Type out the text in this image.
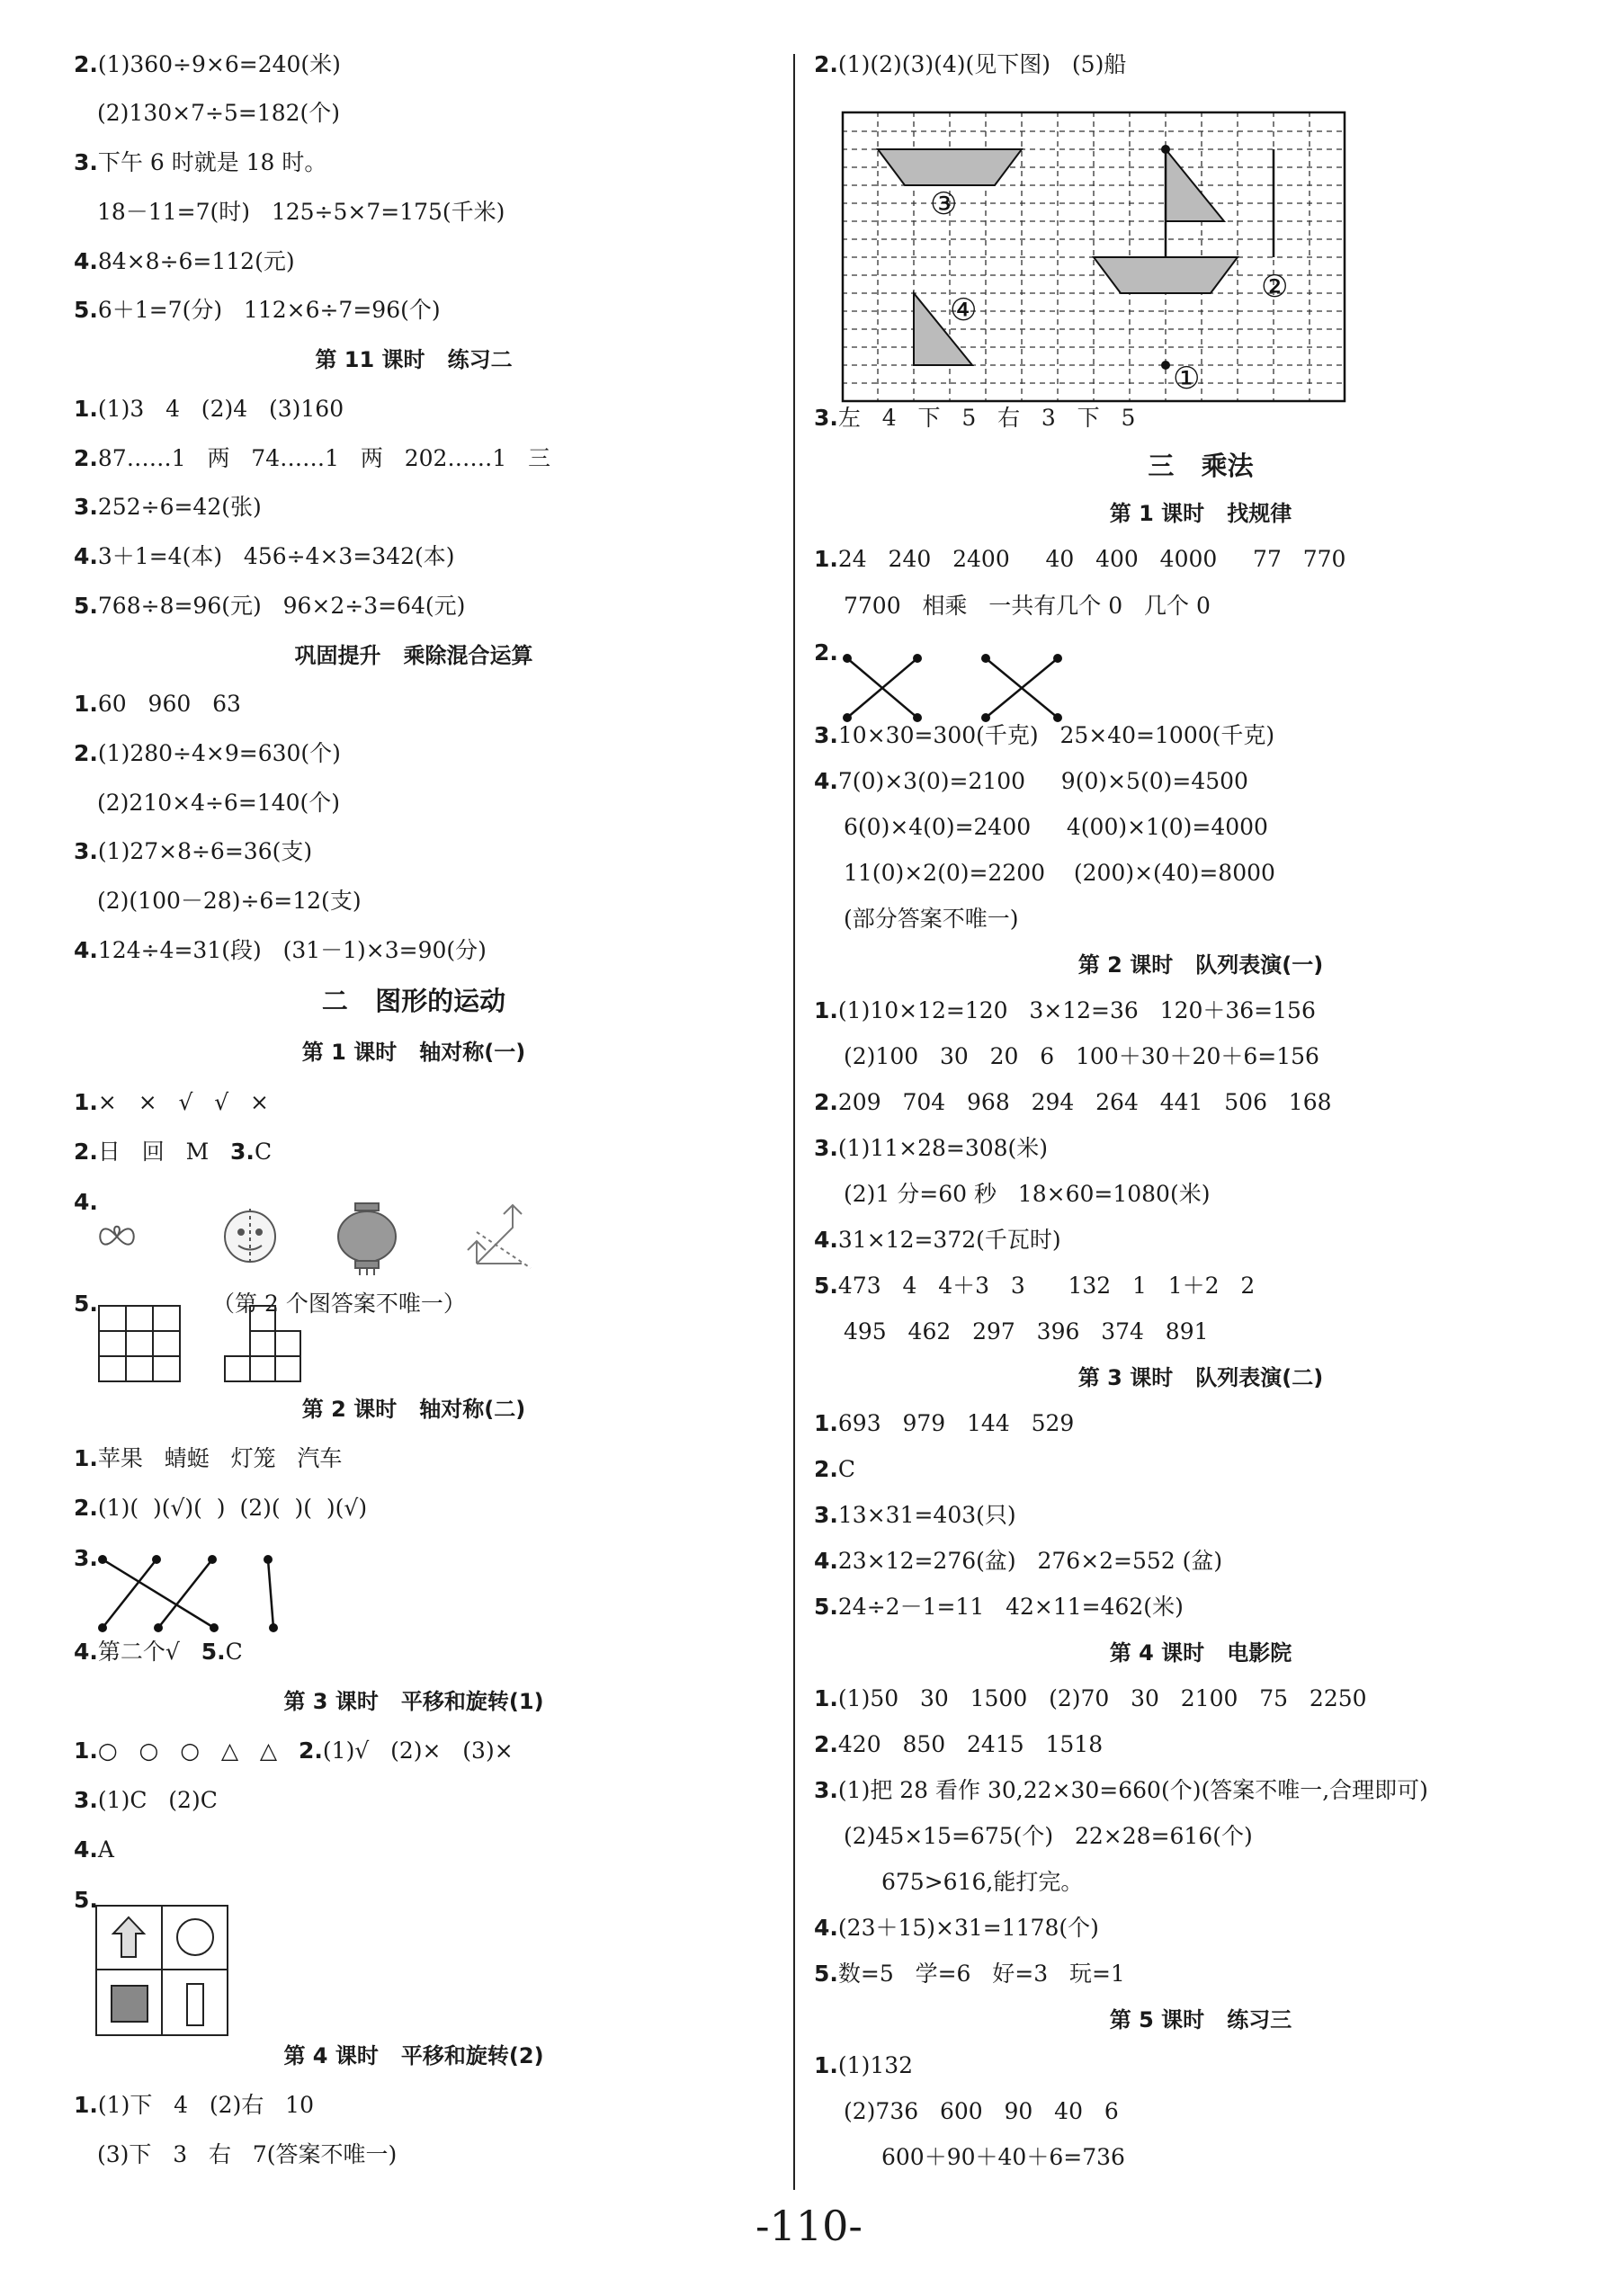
2.(1)360÷9×6=240(米)
(2)130×7÷5=182(个)
3.下午 6 时就是 18 时。
18－11=7(时)   125÷5×7=175(千米)
4.84×8÷6=112(元)
5.6＋1=7(分)   112×6÷7=96(个)
第 11 课时   练习二
1.(1)3   4   (2)4   (3)160
2.87……1   两   74……1   两   202……1   三
3.252÷6=42(张)
4.3＋1=4(本)   456÷4×3=342(本)
5.768÷8=96(元)   96×2÷3=64(元)
巩固提升   乘除混合运算
1.60   960   63
2.(1)280÷4×9=630(个)
(2)210×4÷6=140(个)
3.(1)27×8÷6=36(支)
(2)(100－28)÷6=12(支)
4.124÷4=31(段)   (31－1)×3=90(分)
二   图形的运动
第 1 课时   轴对称(一)
1.×   ×   √   √   ×
2.日   回   M   3.C
4.
5.                （第 2 个图答案不唯一）
第 2 课时   轴对称(二)
1.苹果   蜻蜓   灯笼   汽车
2.(1)(  )(√)(  )  (2)(  )(  )(√)
3.
4.第二个√   5.C
第 3 课时   平移和旋转(1)
1.○   ○   ○   △   △   2.(1)√   (2)×   (3)×
3.(1)C   (2)C
4.A
5.
第 4 课时   平移和旋转(2)
1.(1)下   4   (2)右   10
(3)下   3   右   7(答案不唯一)
2.(1)(2)(3)(4)(见下图)   (5)船
3.左   4   下   5   右   3   下   5
三   乘法
第 1 课时   找规律
1.24   240   2400     40   400   4000     77   770
7700   相乘   一共有几个 0   几个 0
2.
3.10×30=300(千克)   25×40=1000(千克)
4.7(0)×3(0)=2100     9(0)×5(0)=4500
6(0)×4(0)=2400     4(00)×1(0)=4000
11(0)×2(0)=2200    (200)×(40)=8000
(部分答案不唯一)
第 2 课时   队列表演(一)
1.(1)10×12=120   3×12=36   120＋36=156
(2)100   30   20   6   100＋30＋20＋6=156
2.209   704   968   294   264   441   506   168
3.(1)11×28=308(米)
(2)1 分=60 秒   18×60=1080(米)
4.31×12=372(千瓦时)
5.473   4   4＋3   3      132   1   1＋2   2
495   462   297   396   374   891
第 3 课时   队列表演(二)
1.693   979   144   529
2.C
3.13×31=403(只)
4.23×12=276(盆)   276×2=552 (盆)
5.24÷2－1=11   42×11=462(米)
第 4 课时   电影院
1.(1)50   30   1500   (2)70   30   2100   75   2250
2.420   850   2415   1518
3.(1)把 28 看作 30,22×30=660(个)(答案不唯一,合理即可)
(2)45×15=675(个)   22×28=616(个)
675>616,能打完。
4.(23＋15)×31=1178(个)
5.数=5   学=6   好=3   玩=1
第 5 课时   练习三
1.(1)132
(2)736   600   90   40   6
600＋90＋40＋6=736
③
④
②
①
-110-
